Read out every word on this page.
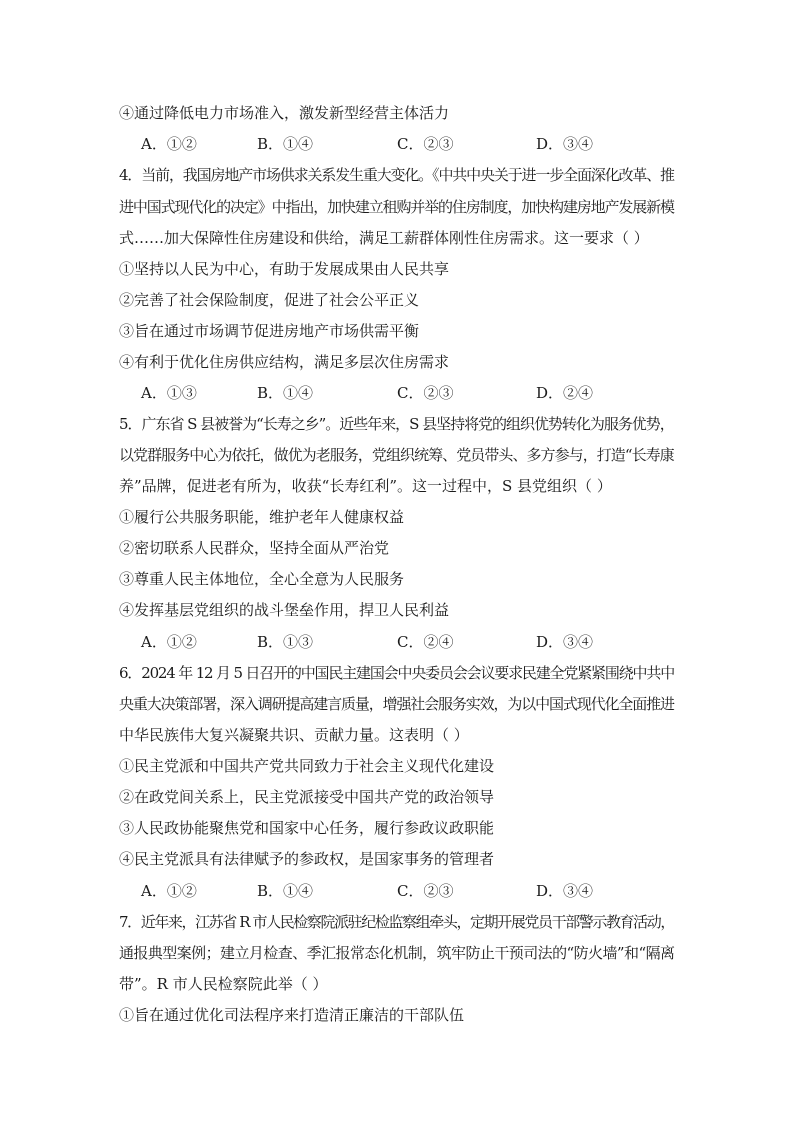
④通过降低电力市场准入，激发新型经营主体活力
A．①②	B．①④	C．②③	D．③④
4．当前，我国房地产市场供求关系发生重大变化。《中共中央关于进一步全面深化改革、推
进中国式现代化的决定》中指出，加快建立租购并举的住房制度，加快构建房地产发展新模
式……加大保障性住房建设和供给，满足工薪群体刚性住房需求。这一要求（ ）
①坚持以人民为中心，有助于发展成果由人民共享
②完善了社会保险制度，促进了社会公平正义
③旨在通过市场调节促进房地产市场供需平衡
④有利于优化住房供应结构，满足多层次住房需求
A．①③	B．①④	C．②③	D．②④
5．广东省 S 县被誉为“长寿之乡”。近些年来，S 县坚持将党的组织优势转化为服务优势，
以党群服务中心为依托，做优为老服务，党组织统筹、党员带头、多方参与，打造“长寿康
养”品牌，促进老有所为，收获“长寿红利”。这一过程中，S 县党组织（ ）
①履行公共服务职能，维护老年人健康权益
②密切联系人民群众，坚持全面从严治党
③尊重人民主体地位，全心全意为人民服务
④发挥基层党组织的战斗堡垒作用，捍卫人民利益
A．①②	B．①③	C．②④	D．③④
6．2024 年 12 月 5 日召开的中国民主建国会中央委员会会议要求民建全党紧紧围绕中共中
央重大决策部署，深入调研提高建言质量，增强社会服务实效，为以中国式现代化全面推进
中华民族伟大复兴凝聚共识、贡献力量。这表明（ ）
①民主党派和中国共产党共同致力于社会主义现代化建设
②在政党间关系上，民主党派接受中国共产党的政治领导
③人民政协能聚焦党和国家中心任务，履行参政议政职能
④民主党派具有法律赋予的参政权，是国家事务的管理者
A．①②	B．①④	C．②③	D．③④
7．近年来，江苏省 R 市人民检察院派驻纪检监察组牵头，定期开展党员干部警示教育活动，
通报典型案例；建立月检查、季汇报常态化机制，筑牢防止干预司法的“防火墙”和“隔离
带”。R 市人民检察院此举（ ）
①旨在通过优化司法程序来打造清正廉洁的干部队伍
